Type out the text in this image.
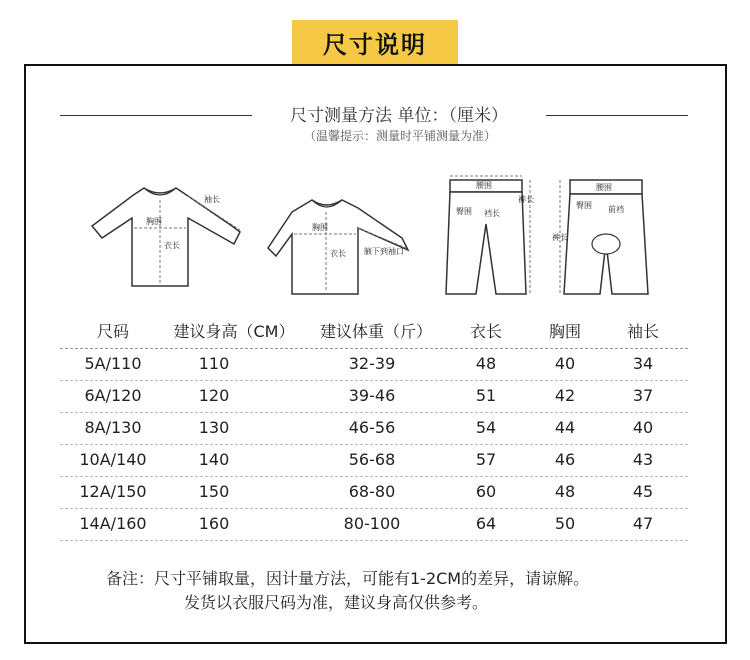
尺寸说明
尺寸测量方法 单位：（厘米）
（温馨提示：测量时平铺测量为准）
胸围
衣长
袖长
胸围
衣长 腋下到袖口
腰围
臀围 裆长
裤长
腰围
臀围 前裆
裤长
尺码	建议身高（CM）	建议体重（斤）	衣长	胸围	袖长
5A/110	110	32-39	48	40	34
6A/120	120	39-46	51	42	37
8A/130	130	46-56	54	44	40
10A/140	140	56-68	57	46	43
12A/150	150	68-80	60	48	45
14A/160	160	80-100	64	50	47
备注：尺寸平铺取量，因计量方法，可能有1-2CM的差异，请谅解。
发货以衣服尺码为准，建议身高仅供参考。
